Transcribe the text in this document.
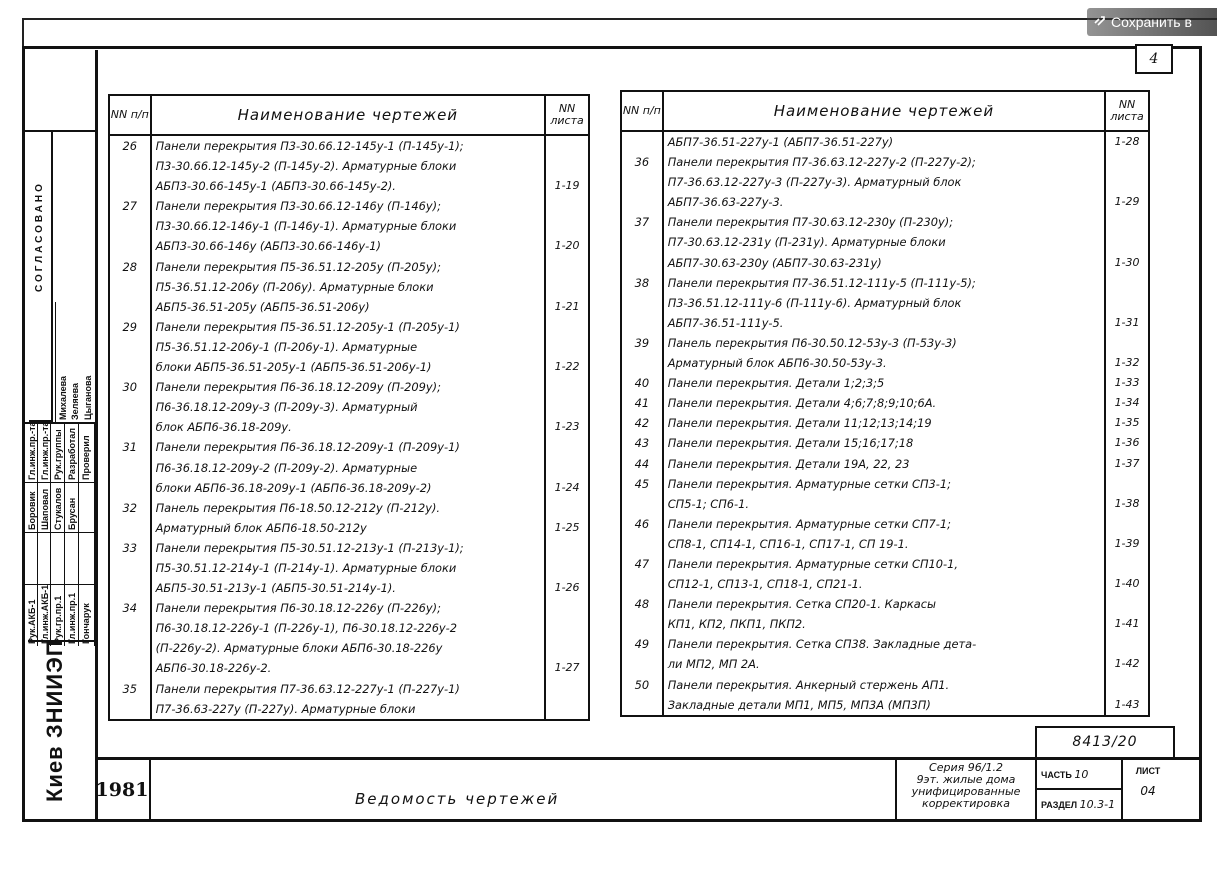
Сохранить в
4
NN п/п	Наименование чертежей	NN листа
26	Панели перекрытия П3-30.66.12-145у-1 (П-145у-1);
П3-30.66.12-145у-2 (П-145у-2). Арматурные блоки
АБП3-30.66-145у-1 (АБП3-30.66-145у-2).	1-19
27	Панели перекрытия П3-30.66.12-146у (П-146у);
П3-30.66.12-146у-1 (П-146у-1). Арматурные блоки
АБП3-30.66-146у (АБП3-30.66-146у-1)	1-20
28	Панели перекрытия П5-36.51.12-205у (П-205у);
П5-36.51.12-206у (П-206у). Арматурные блоки
АБП5-36.51-205у (АБП5-36.51-206у)	1-21
29	Панели перекрытия П5-36.51.12-205у-1 (П-205у-1)
П5-36.51.12-206у-1 (П-206у-1). Арматурные
блоки АБП5-36.51-205у-1 (АБП5-36.51-206у-1)	1-22
30	Панели перекрытия П6-36.18.12-209у (П-209у);
П6-36.18.12-209у-3 (П-209у-3). Арматурный
блок АБП6-36.18-209у.	1-23
31	Панели перекрытия П6-36.18.12-209у-1 (П-209у-1)
П6-36.18.12-209у-2 (П-209у-2). Арматурные
блоки АБП6-36.18-209у-1 (АБП6-36.18-209у-2)	1-24
32	Панель перекрытия П6-18.50.12-212у (П-212у).
Арматурный блок АБП6-18.50-212у	1-25
33	Панели перекрытия П5-30.51.12-213у-1 (П-213у-1);
П5-30.51.12-214у-1 (П-214у-1). Арматурные блоки
АБП5-30.51-213у-1 (АБП5-30.51-214у-1).	1-26
34	Панели перекрытия П6-30.18.12-226у (П-226у);
П6-30.18.12-226у-1 (П-226у-1), П6-30.18.12-226у-2
(П-226у-2). Арматурные блоки АБП6-30.18-226у
АБП6-30.18-226у-2.	1-27
35	Панели перекрытия П7-36.63.12-227у-1 (П-227у-1)
П7-36.63-227у (П-227у). Арматурные блоки	

NN п/п	Наименование чертежей	NN листа

	АБП7-36.51-227у-1 (АБП7-36.51-227у)	1-28
36	Панели перекрытия П7-36.63.12-227у-2 (П-227у-2);
П7-36.63.12-227у-3 (П-227у-3). Арматурный блок
АБП7-36.63-227у-3.	1-29
37	Панели перекрытия П7-30.63.12-230у (П-230у);
П7-30.63.12-231у (П-231у). Арматурные блоки
АБП7-30.63-230у (АБП7-30.63-231у)	1-30
38	Панели перекрытия П7-36.51.12-111у-5 (П-111у-5);
П3-36.51.12-111у-6 (П-111у-6). Арматурный блок
АБП7-36.51-111у-5.	1-31
39	Панель перекрытия П6-30.50.12-53у-3 (П-53у-3)
Арматурный блок АБП6-30.50-53у-3.	1-32
40	Панели перекрытия. Детали 1;2;3;5	1-33
41	Панели перекрытия. Детали 4;6;7;8;9;10;6А.	1-34
42	Панели перекрытия. Детали 11;12;13;14;19	1-35
43	Панели перекрытия. Детали 15;16;17;18	1-36
44	Панели перекрытия. Детали 19А, 22, 23	1-37
45	Панели перекрытия. Арматурные сетки СП3-1;
СП5-1; СП6-1.	1-38
46	Панели перекрытия. Арматурные сетки СП7-1;
СП8-1, СП14-1, СП16-1, СП17-1, СП 19-1.	1-39
47	Панели перекрытия. Арматурные сетки СП10-1,
СП12-1, СП13-1, СП18-1, СП21-1.	1-40
48	Панели перекрытия. Сетка СП20-1. Каркасы
КП1, КП2, ПКП1, ПКП2.	1-41
49	Панели перекрытия. Сетка СП38. Закладные дета-
ли МП2, МП 2А.	1-42
50	Панели перекрытия. Анкерный стержень АП1.
Закладные детали МП1, МП5, МП3А (МП3П)	1-43
СОГЛАСОВАНО
Михалева Зеляева Цыганова
Гл.инж.пр.-та Гл.инж.пр.-та Рук.группы Разработал Проверил
Боровик Шаповал Стукалов Брусан
Гончарук
Рук.АКБ-1 Гл.инж.АКБ-1 Рук.гр.пр.1 Гл.инж.пр.1
Киев ЗНИИЭП	8413/20
1981	Ведомость чертежей
Серия 96/1.2
9эт. жилые дома
унифицированные
корректировка
ЧАСТЬ 10
РАЗДЕЛ 10.3-1
ЛИСТ
04
